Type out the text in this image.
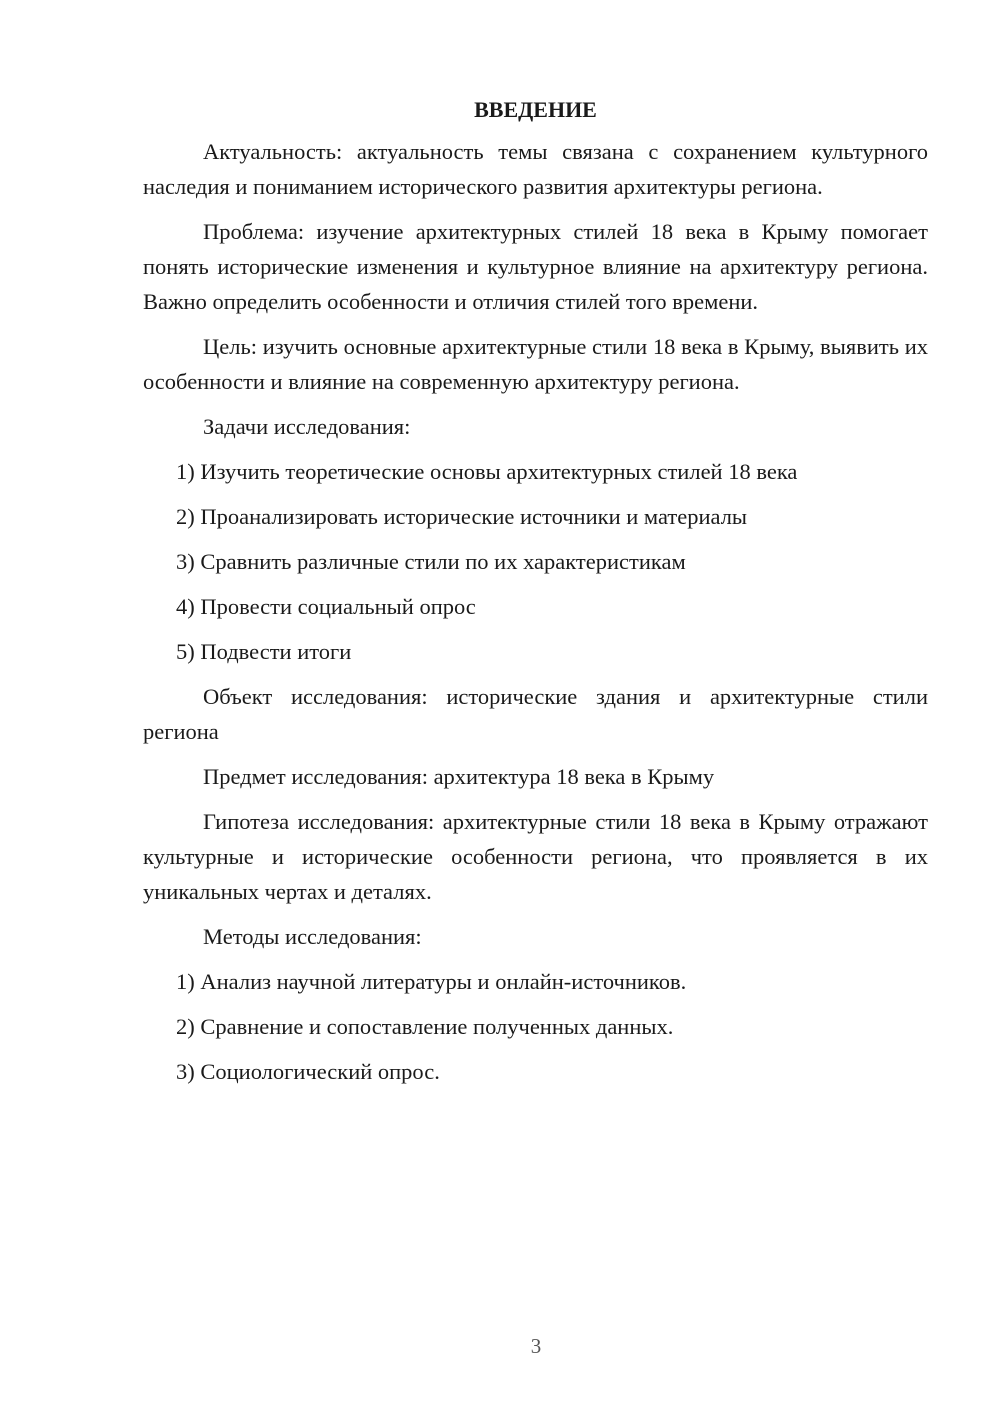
ВВЕДЕНИЕ

Актуальность: актуальность темы связана с сохранением культурного наследия и пониманием исторического развития архитектуры региона.

Проблема: изучение архитектурных стилей 18 века в Крыму помогает понять исторические изменения и культурное влияние на архитектуру региона. Важно определить особенности и отличия стилей того времени.

Цель: изучить основные архитектурные стили 18 века в Крыму, выявить их особенности и влияние на современную архитектуру региона.

Задачи исследования:

1) Изучить теоретические основы архитектурных стилей 18 века

2) Проанализировать исторические источники и материалы

3) Сравнить различные стили по их характеристикам

4) Провести социальный опрос

5) Подвести итоги

Объект исследования: исторические здания и архитектурные стили региона

Предмет исследования: архитектура 18 века в Крыму

Гипотеза исследования: архитектурные стили 18 века в Крыму отражают культурные и исторические особенности региона, что проявляется в их уникальных чертах и деталях.

Методы исследования:

1) Анализ научной литературы и онлайн-источников.

2) Сравнение и сопоставление полученных данных.

3) Социологический опрос.

3
